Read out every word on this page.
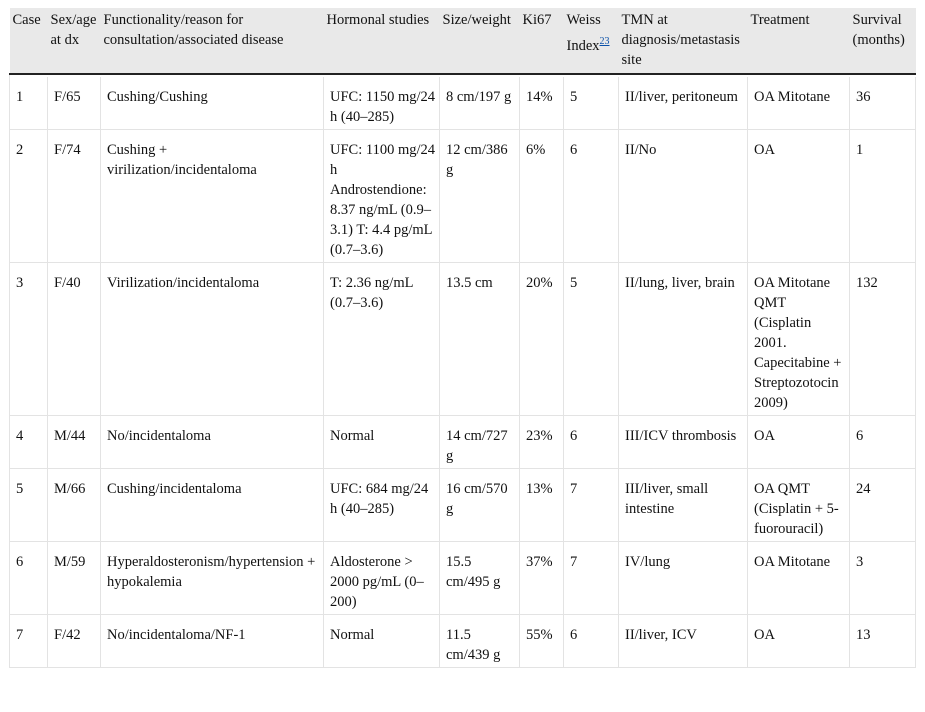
Case	Sex/age at dx	Functionality/reason for consultation/associated disease	Hormonal studies	Size/weight	Ki67	Weiss Index$^{23}$	TMN at diagnosis/metastasis site	Treatment	Survival (months)

1	F/65	Cushing/Cushing	UFC: 1150 mg/24 h (40–285)	8 cm/197 g	14%	5	II/liver, peritoneum	OA Mitotane	36
2	F/74	Cushing + virilization/incidentaloma	UFC: 1100 mg/24 h Androstendione: 8.37 ng/mL (0.9–3.1) T: 4.4 pg/mL (0.7–3.6)	12 cm/386 g	6%	6	II/No	OA	1
3	F/40	Virilization/incidentaloma	T: 2.36 ng/mL (0.7–3.6)	13.5 cm	20%	5	II/lung, liver, brain	OA Mitotane QMT (Cisplatin 2001. Capecitabine + Streptozotocin 2009)	132
4	M/44	No/incidentaloma	Normal	14 cm/727 g	23%	6	III/ICV thrombosis	OA	6
5	M/66	Cushing/incidentaloma	UFC: 684 mg/24 h (40–285)	16 cm/570 g	13%	7	III/liver, small intestine	OA QMT (Cisplatin + 5-fuorouracil)	24
6	M/59	Hyperaldosteronism/hypertension + hypokalemia	Aldosterone > 2000 pg/mL (0–200)	15.5 cm/495 g	37%	7	IV/lung	OA Mitotane	3
7	F/42	No/incidentaloma/NF-1	Normal	11.5 cm/439 g	55%	6	II/liver, ICV	OA	13
